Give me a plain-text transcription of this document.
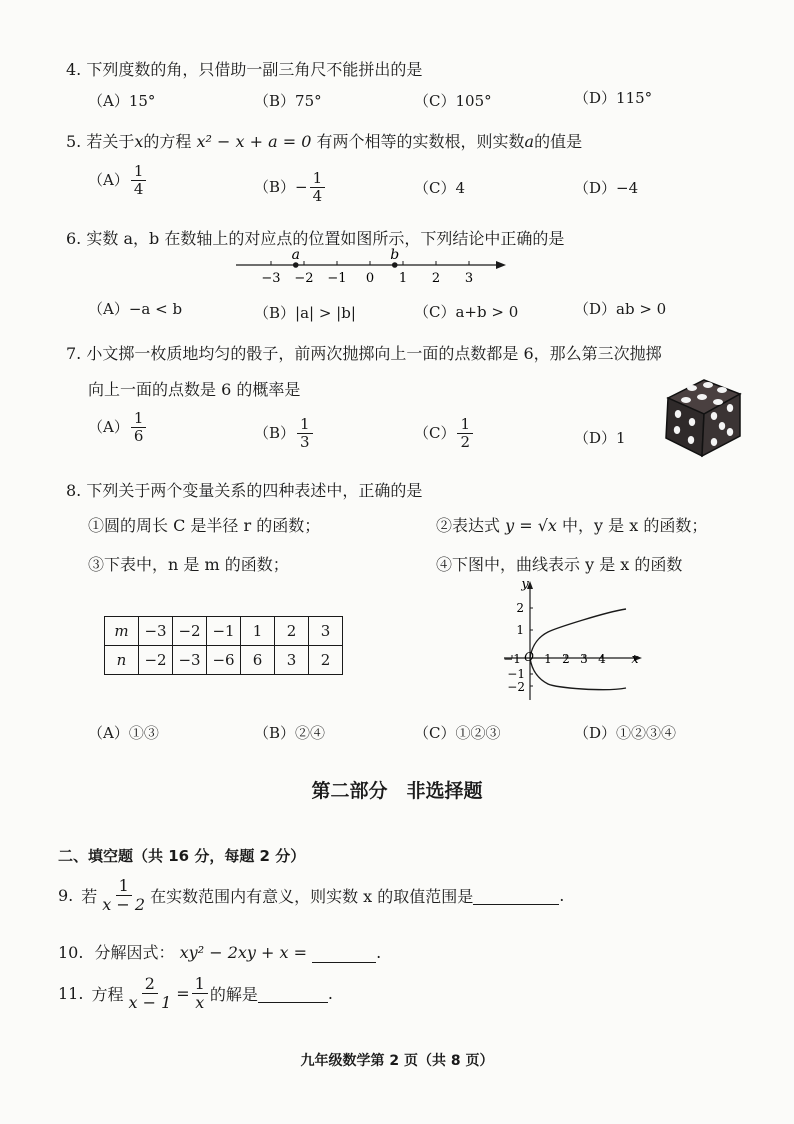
4. 下列度数的角，只借助一副三角尺不能拼出的是
（A）15°	（B）75°	（C）105°	（D）115°
5. 若关于x的方程 x² − x + a = 0 有两个相等的实数根，则实数a的值是
$(A) \frac{1}{4}$	$(B)- \frac{1}{4}$	（C）4	（D）−4
6. 实数 a，b 在数轴上的对应点的位置如图所示，下列结论中正确的是
−3 −2 −1 0 1 2 3
a	b
（A）−a < b	（B）|a| > |b|	（C）a+b > 0	（D）ab > 0
7. 小文掷一枚质地均匀的骰子，前两次抛掷向上一面的点数都是 6，那么第三次抛掷
向上一面的点数是 6 的概率是
$(A) \frac{1}{6}$	$(B) \frac{1}{3}$	$(C) \frac{1}{2}$	（D）1
8. 下列关于两个变量关系的四种表述中，正确的是
①圆的周长 C 是半径 r 的函数；	②表达式 y = √x 中，y 是 x 的函数；
③下表中，n 是 m 的函数；	④下图中，曲线表示 y 是 x 的函数
m	−3	−2	−1	1	2	3
n	−2	−3	−6	6	3	2
y
x
O
−1 1 2 3 4
2
1
−1
−2
（A）①③	（B）②④	（C）①②③	（D）①②③④
第二部分　非选择题
二、填空题（共 16 分，每题 2 分）
9. 若 $\frac{1}{x - 2}$ 在实数范围内有意义，则实数 x 的取值范围是	.
10. 分解因式： xy² − 2xy + x =	.
11. 方程 $\frac{2}{x - 1} = \frac{1}{x}$ 的解是	.
九年级数学第 2 页（共 8 页）
